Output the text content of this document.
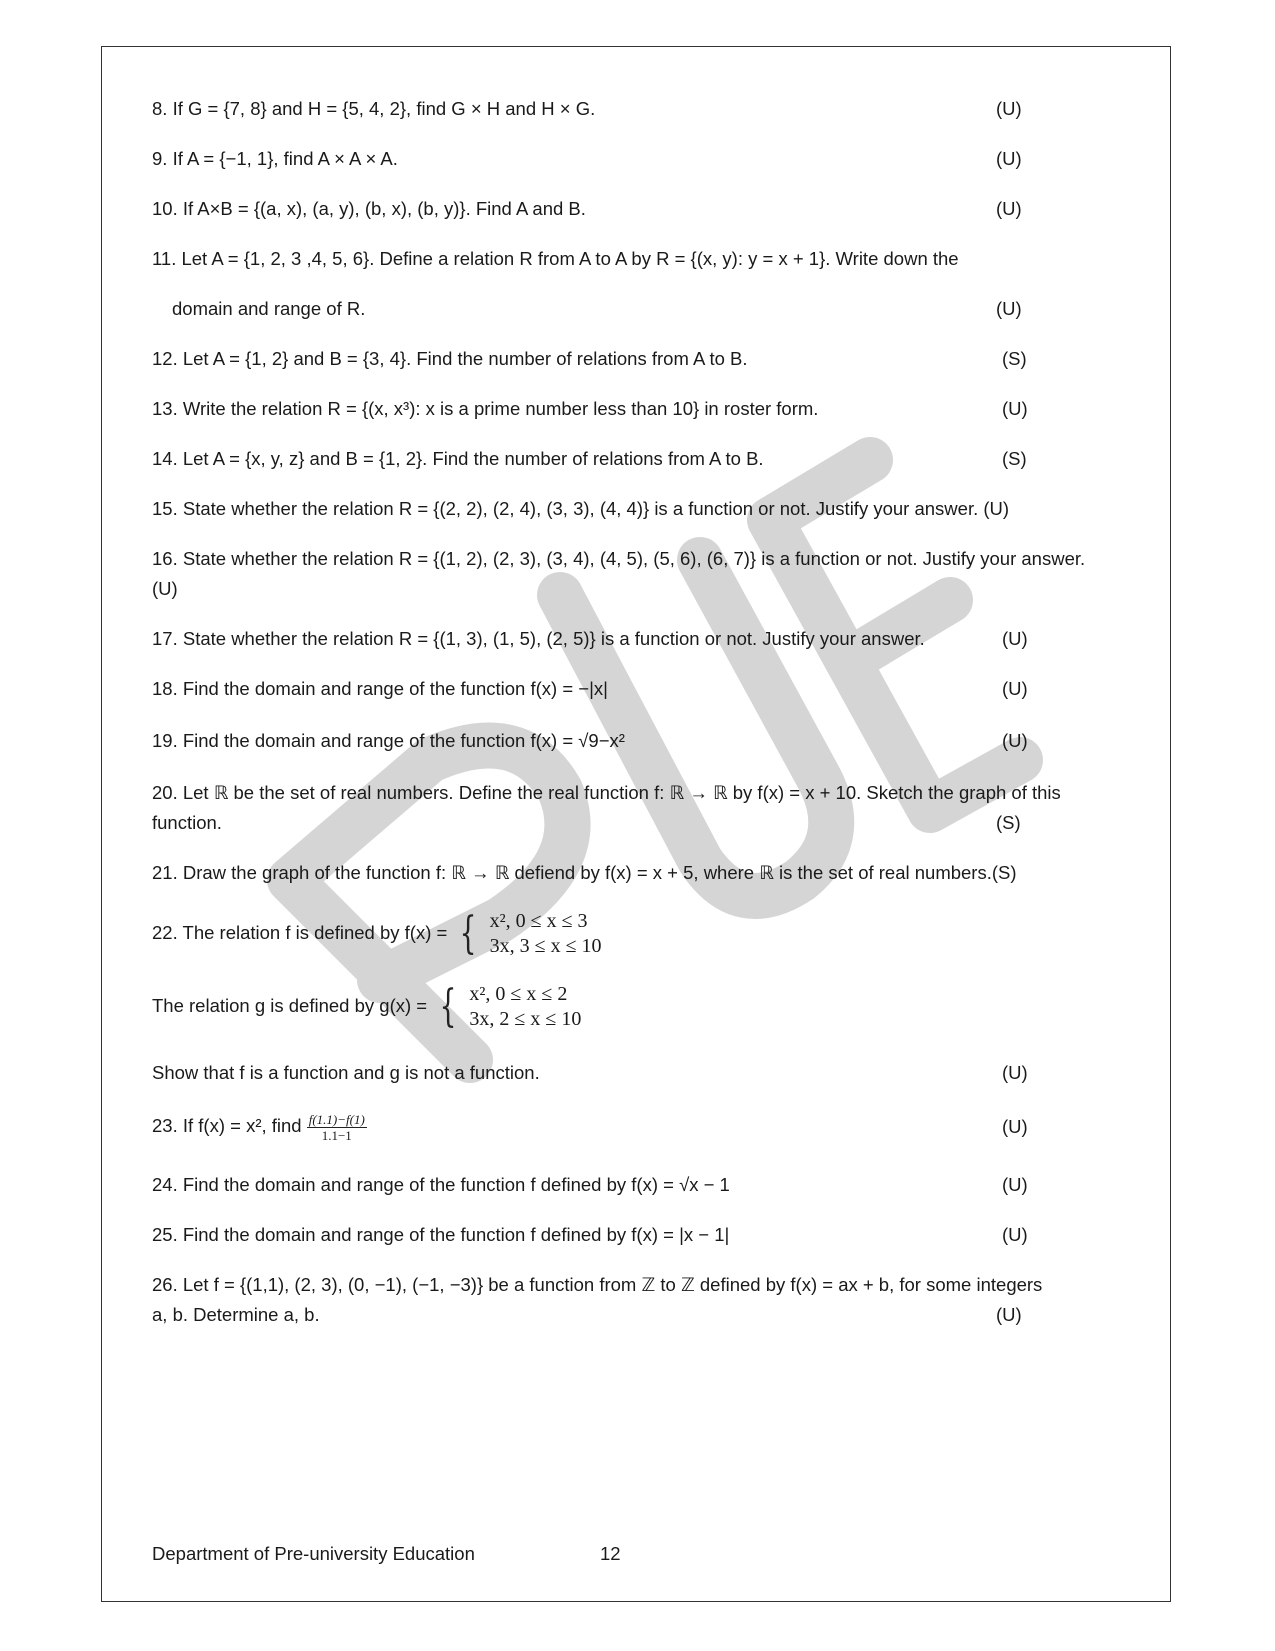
PUE
8. If G = {7, 8} and H = {5, 4, 2}, find G × H and H × G.	(U)
9. If A = {−1, 1}, find A × A × A.	(U)
10. If A×B = {(a, x), (a, y), (b, x), (b, y)}. Find A and B.	(U)
11. Let A = {1, 2, 3 ,4, 5, 6}. Define a relation R from A to A by R = {(x, y): y = x + 1}. Write down the
domain and range of R.	(U)
12. Let A = {1, 2} and B = {3, 4}. Find the number of relations from A to B.	(S)
13. Write the relation R = {(x, x³): x is a prime number less than 10} in roster form.	(U)
14. Let A = {x, y, z} and B = {1, 2}. Find the number of relations from A to B.	(S)
15. State whether the relation R = {(2, 2), (2, 4), (3, 3), (4, 4)} is a function or not. Justify your answer. (U)
16. State whether the relation R = {(1, 2), (2, 3), (3, 4), (4, 5), (5, 6), (6, 7)} is a function or not. Justify your answer.
(U)
17. State whether the relation R = {(1, 3), (1, 5), (2, 5)} is a function or not. Justify your answer.	(U)
18. Find the domain and range of the function f(x) = −|x|	(U)
19. Find the domain and range of the function f(x) = √9−x²	(U)
20. Let ℝ be the set of real numbers. Define the real function f: ℝ → ℝ by f(x) = x + 10. Sketch the graph of this
function.	(S)
21. Draw the graph of the function f: ℝ → ℝ defiend by f(x) = x + 5, where ℝ is the set of real numbers.(S)
22. The relation f is defined by f(x) = { x², 0 ≤ x ≤ 3
3x, 3 ≤ x ≤ 10
The relation g is defined by g(x) = { x², 0 ≤ x ≤ 2
3x, 2 ≤ x ≤ 10
Show that f is a function and g is not a function.	(U)
23. If f(x) = x², find $\frac{f(1.1)-f(1)}{1.1-1}$	(U)
24. Find the domain and range of the function f defined by f(x) = √x − 1	(U)
25. Find the domain and range of the function f defined by f(x) = |x − 1|	(U)
26. Let f = {(1,1), (2, 3), (0, −1), (−1, −3)} be a function from ℤ to ℤ defined by f(x) = ax + b, for some integers
a, b. Determine a, b.	(U)
Department of Pre-university Education	12
